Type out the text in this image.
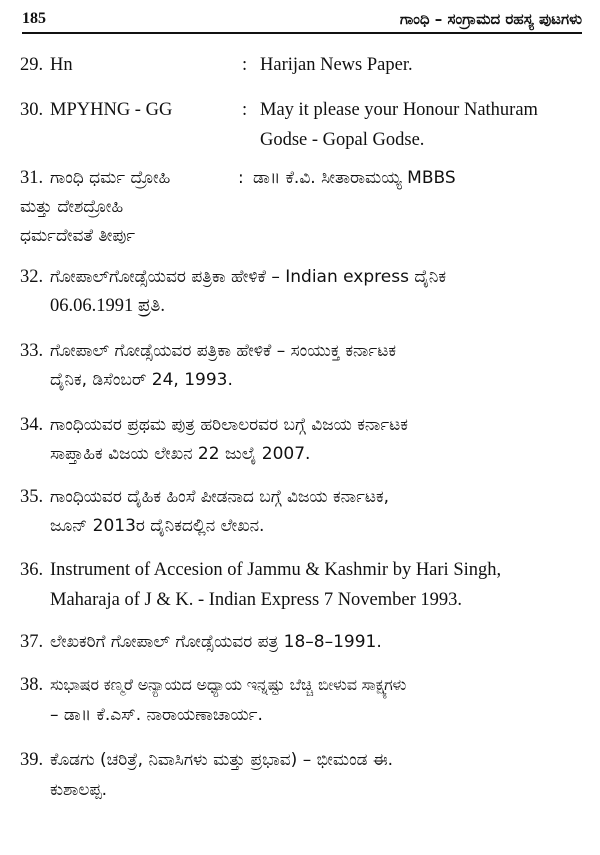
185	ಗಾಂಧಿ – ಸಂಗ್ರಾಮದ ರಹಸ್ಯ ಪುಟಗಳು
29. Hn	: Harijan News Paper.
30. MPYHNG - GG	: May it please your Honour Nathuram
Godse - Gopal Godse.
31. ಗಾಂಧಿ ಧರ್ಮ ದ್ರೋಹಿ	: ಡಾ॥ ಕೆ.ವಿ. ಸೀತಾರಾಮಯ್ಯ MBBS
ಮತ್ತು ದೇಶದ್ರೋಹಿ
ಧರ್ಮದೇವತೆ ತೀರ್ಪು
32. ಗೋಪಾಲ್‌ಗೋಡ್ಸೆಯವರ ಪತ್ರಿಕಾ ಹೇಳಿಕೆ – Indian express ದೈನಿಕ
06.06.1991 ಪ್ರತಿ.
33. ಗೋಪಾಲ್ ಗೋಡ್ಸೆಯವರ ಪತ್ರಿಕಾ ಹೇಳಿಕೆ – ಸಂಯುಕ್ತ ಕರ್ನಾಟಕ
ದೈನಿಕ, ಡಿಸೆಂಬರ್ 24, 1993.
34. ಗಾಂಧಿಯವರ ಪ್ರಥಮ ಪುತ್ರ ಹರಿಲಾಲರವರ ಬಗ್ಗೆ ವಿಜಯ ಕರ್ನಾಟಕ
ಸಾಪ್ತಾಹಿಕ ವಿಜಯ ಲೇಖನ 22 ಜುಲೈ 2007.
35. ಗಾಂಧಿಯವರ ದೈಹಿಕ ಹಿಂಸೆ ಪೀಡನಾದ ಬಗ್ಗೆ ವಿಜಯ ಕರ್ನಾಟಕ,
ಜೂನ್ 2013ರ ದೈನಿಕದಲ್ಲಿನ ಲೇಖನ.
36. Instrument of Accesion of Jammu & Kashmir by Hari Singh,
Maharaja of J & K. - Indian Express 7 November 1993.
37. ಲೇಖಕರಿಗೆ ಗೋಪಾಲ್ ಗೋಡ್ಸೆಯವರ ಪತ್ರ 18–8–1991.
38. ಸುಭಾಷರ ಕಣ್ಮರೆ ಅನ್ಯಾಯದ ಅಧ್ಯಾಯ ಇನ್ನಷ್ಟು ಬೆಚ್ಚಿ ಬೀಳುವ ಸಾಕ್ಷ್ಯಗಳು
– ಡಾ॥ ಕೆ.ಎಸ್. ನಾರಾಯಣಾಚಾರ್ಯ.
39. ಕೊಡಗು (ಚರಿತ್ರೆ, ನಿವಾಸಿಗಳು ಮತ್ತು ಪ್ರಭಾವ) – ಭೀಮಂಡ ಈ.
ಕುಶಾಲಪ್ಪ.
